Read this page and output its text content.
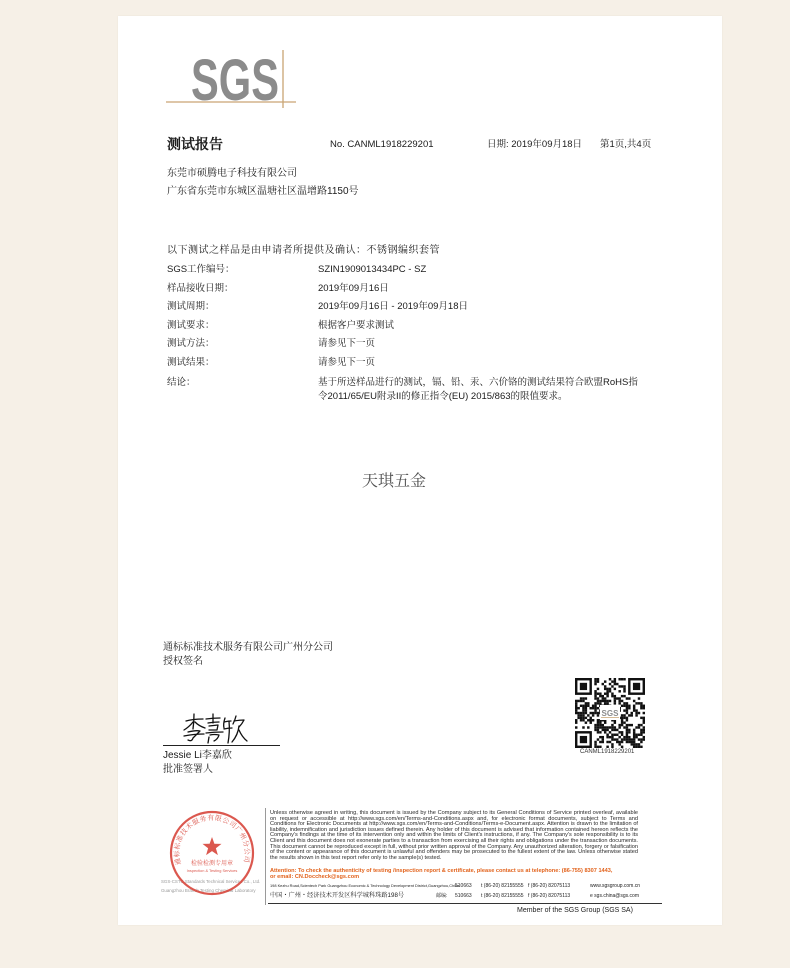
SGS
测试报告	No. CANML1918229201	日期: 2019年09月18日 第1页,共4页
东莞市硕腾电子科技有限公司
广东省东莞市东城区温塘社区温增路1150号
以下测试之样品是由申请者所提供及确认：不锈钢编织套管
SGS工作编号：	SZIN1909013434PC - SZ
样品接收日期：	2019年09月16日
测试周期：	2019年09月16日 - 2019年09月18日
测试要求：	根据客户要求测试
测试方法：	请参见下一页
测试结果：	请参见下一页
结论：	基于所送样品进行的测试，镉、铅、汞、六价铬的测试结果符合欧盟RoHS指
令2011/65/EU附录II的修正指令(EU) 2015/863的限值要求。
天琪五金
通标标准技术服务有限公司广州分公司
授权签名
Jessie Li李嘉欣
批准签署人
SGS
CANML1918229201
SGS-CSTC Standards Technical Services Co., Ltd.
Guangzhou Branch Testing Chemical Laboratory
通标标准技术服务有限公司广州分公司
检验检测专用章
Inspection & Testing Services
Unless otherwise agreed in writing, this document is issued by the Company subject to its General Conditions of Service printed overleaf, available on request or accessible at http://www.sgs.com/en/Terms-and-Conditions.aspx and, for electronic format documents, subject to Terms and Conditions for Electronic Documents at http://www.sgs.com/en/Terms-and-Conditions/Terms-e-Document.aspx. Attention is drawn to the limitation of liability, indemnification and jurisdiction issues defined therein. Any holder of this document is advised that information contained hereon reflects the Company's findings at the time of its intervention only and within the limits of Client's instructions, if any. The Company's sole responsibility is to its Client and this document does not exonerate parties to a transaction from exercising all their rights and obligations under the transaction documents. This document cannot be reproduced except in full, without prior written approval of the Company. Any unauthorized alteration, forgery or falsification of the content or appearance of this document is unlawful and offenders may be prosecuted to the fullest extent of the law. Unless otherwise stated the results shown in this test report refer only to the sample(s) tested.
Attention: To check the authenticity of testing /inspection report & certificate, please contact us at telephone: (86-755) 8307 1443,
or email: CN.Doccheck@sgs.com
198 Kezhu Road,Scientech Park Guangzhou Economic & Technology Development District,Guangzhou,China
510663 t (86-20) 82155555 f (86-20) 82075113	www.sgsgroup.com.cn
中国・广州・经济技术开发区科学城科珠路198号	邮编: 510663 t (86-20) 82155555 f (86-20) 82075113	e sgs.china@sgs.com
Member of the SGS Group (SGS SA)
